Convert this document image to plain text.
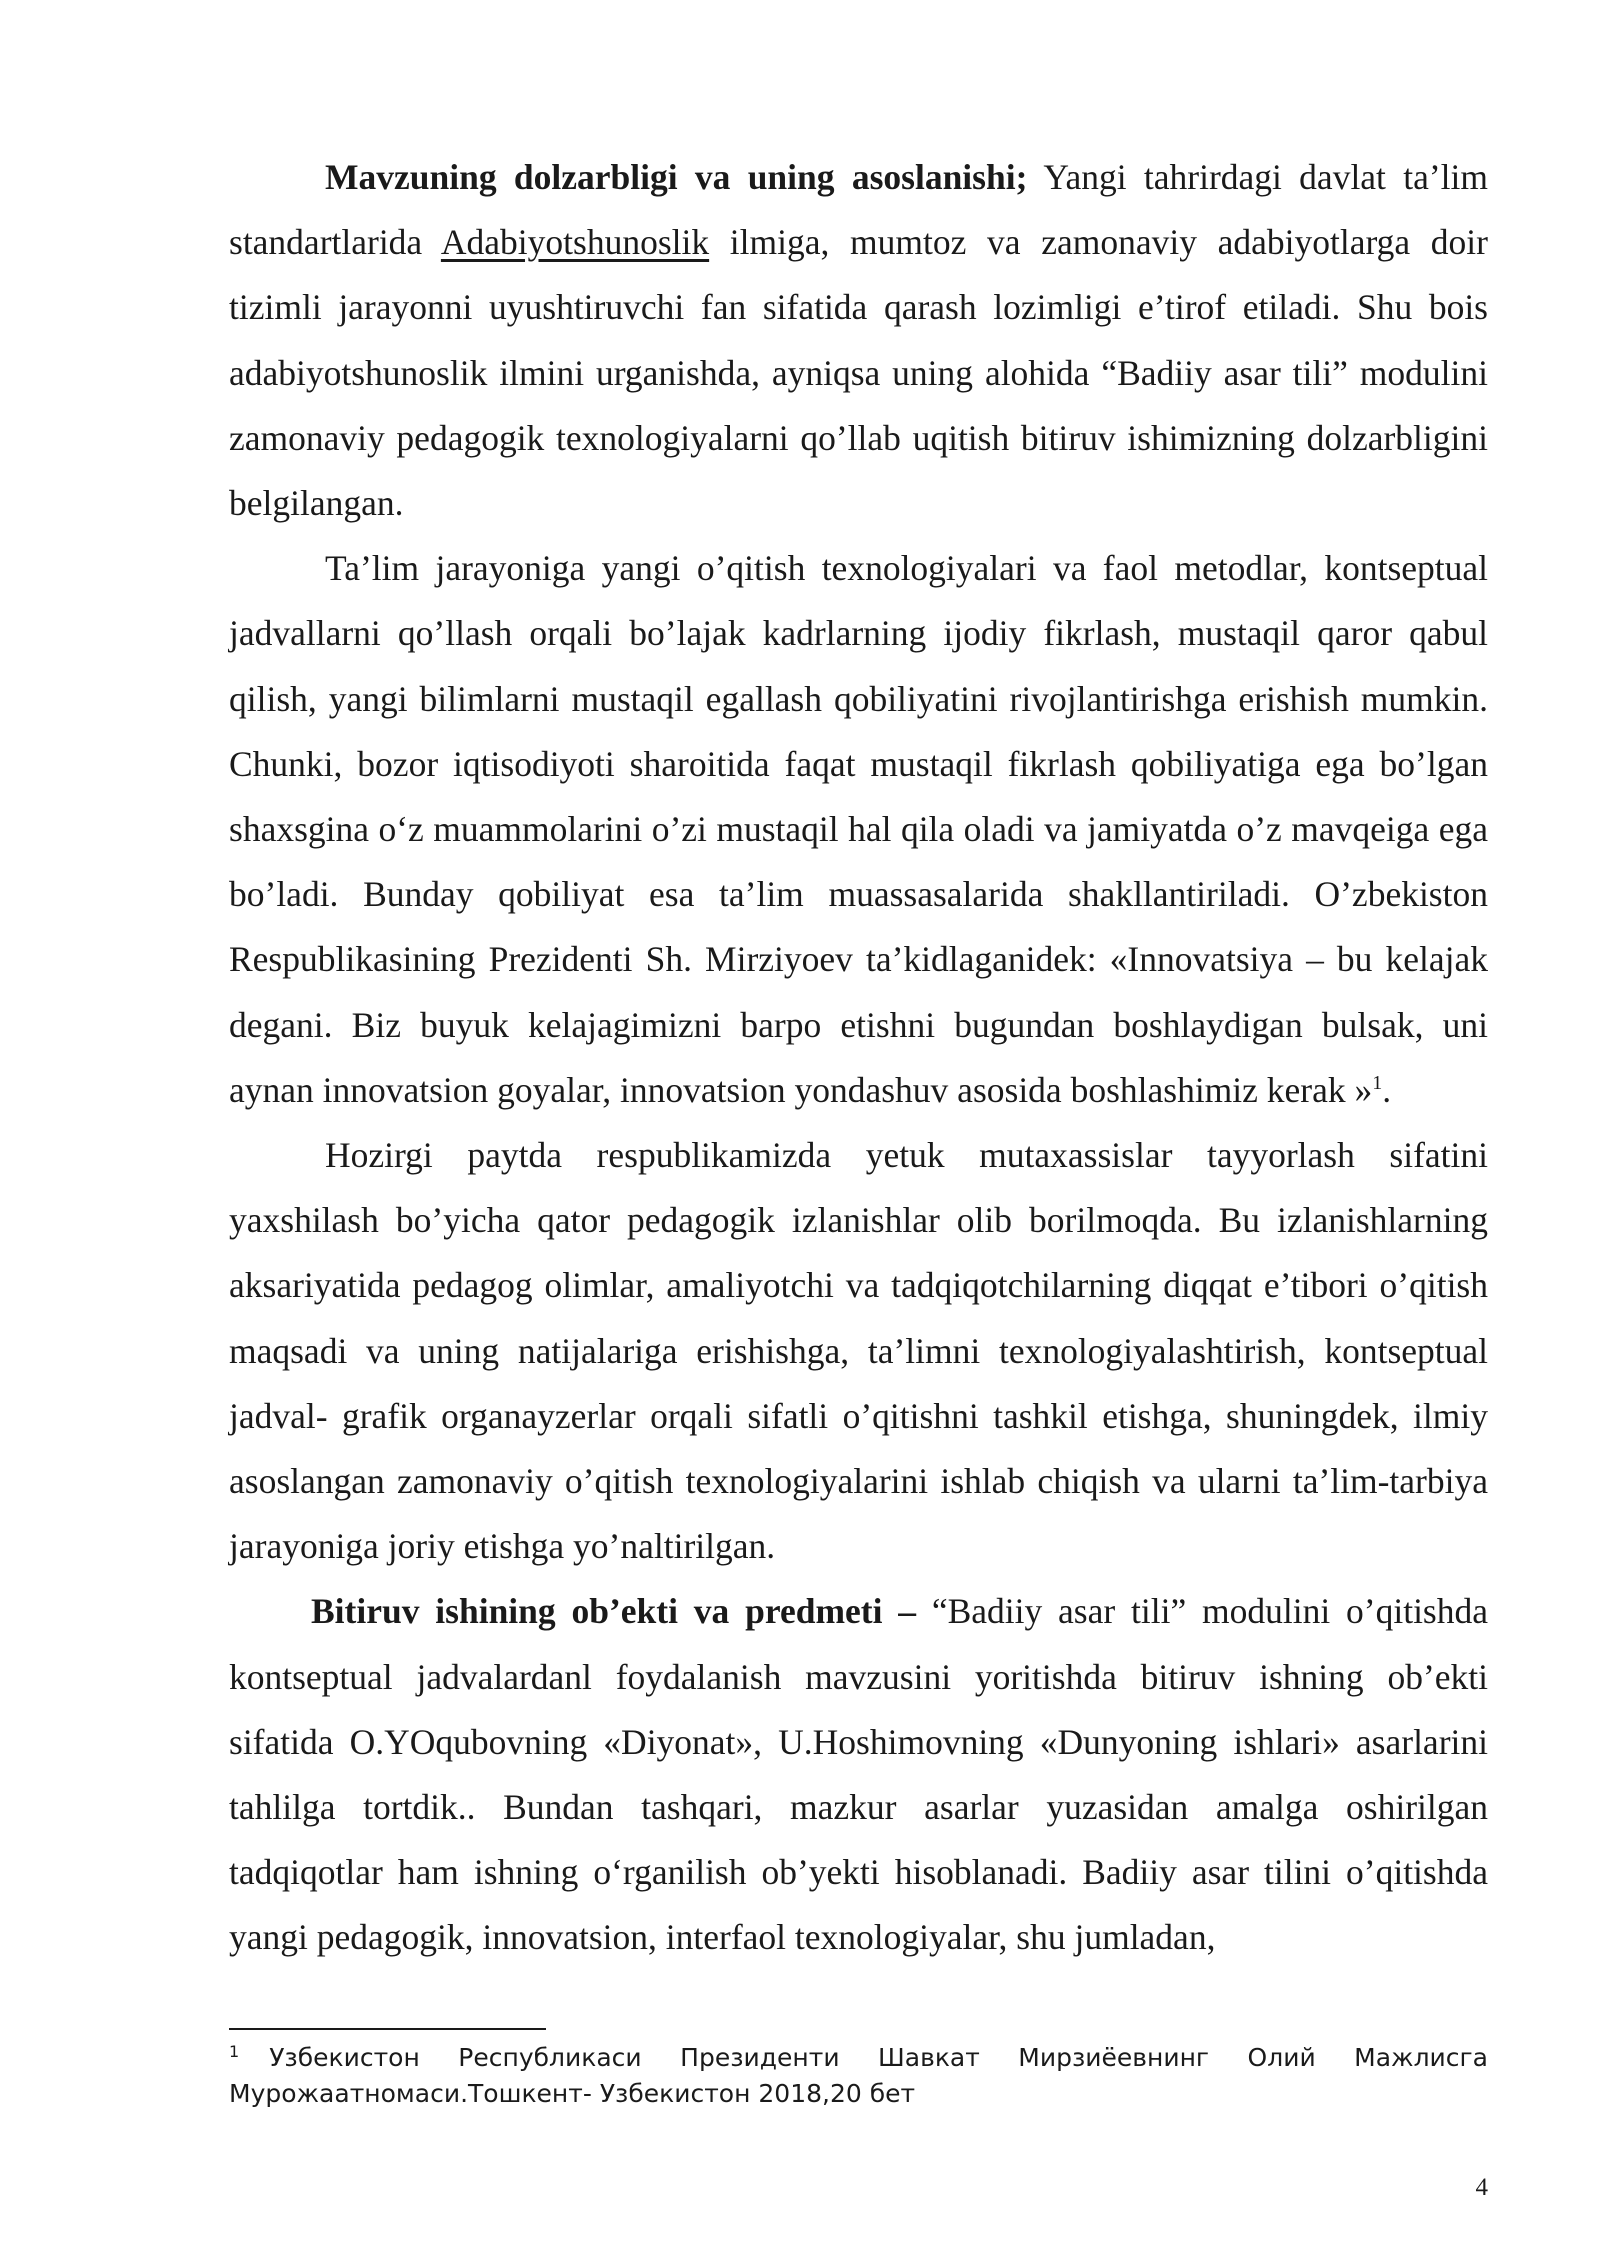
Mavzuning dolzarbligi va uning asoslanishi; Yangi tahrirdagi davlat ta’lim standartlarida Adabiyotshunoslik ilmiga, mumtoz va zamonaviy adabiyotlarga doir tizimli jarayonni uyushtiruvchi fan sifatida qarash lozimligi e’tirof etiladi. Shu bois adabiyotshunoslik ilmini urganishda, ayniqsa uning alohida “Badiiy asar tili” modulini zamonaviy pedagogik texnologiyalarni qo’llab uqitish bitiruv ishimizning dolzarbligini belgilangan.

Ta’lim jarayoniga yangi o’qitish texnologiyalari va faol metodlar, kontseptual jadvallarni qo’llash orqali bo’lajak kadrlarning ijodiy fikrlash, mustaqil qaror qabul qilish, yangi bilimlarni mustaqil egallash qobiliyatini rivojlantirishga erishish mumkin. Chunki, bozor iqtisodiyoti sharoitida faqat mustaqil fikrlash qobiliyatiga ega bo’lgan shaxsgina o‘z muammolarini o’zi mustaqil hal qila oladi va jamiyatda o’z mavqeiga ega bo’ladi. Bunday qobiliyat esa ta’lim muassasalarida shakllantiriladi. O’zbekiston Respublikasining Prezidenti Sh. Mirziyoev ta’kidlaganidek: «Innovatsiya – bu kelajak degani. Biz buyuk kelajagimizni barpo etishni bugundan boshlaydigan bulsak, uni aynan innovatsion goyalar, innovatsion yondashuv asosida boshlashimiz kerak »$^1$.

Hozirgi paytda respublikamizda yetuk mutaxassislar tayyorlash sifatini yaxshilash bo’yicha qator pedagogik izlanishlar olib borilmoqda. Bu izlanishlarning aksariyatida pedagog olimlar, amaliyotchi va tadqiqotchilarning diqqat e’tibori o’qitish maqsadi va uning natijalariga erishishga, ta’limni texnologiyalashtirish, kontseptual jadval- grafik organayzerlar orqali sifatli o’qitishni tashkil etishga, shuningdek, ilmiy asoslangan zamonaviy o’qitish texnologiyalarini ishlab chiqish va ularni ta’lim-tarbiya jarayoniga joriy etishga yo’naltirilgan.

Bitiruv ishining ob’ekti va predmeti – “Badiiy asar tili” modulini o’qitishda kontseptual jadvalardanl foydalanish mavzusini yoritishda bitiruv ishning ob’ekti sifatida O.YOqubovning «Diyonat», U.Hoshimovning «Dunyoning ishlari» asarlarini tahlilga tortdik.. Bundan tashqari, mazkur asarlar yuzasidan amalga oshirilgan tadqiqotlar ham ishning o‘rganilish ob’yekti hisoblanadi. Badiiy asar tilini o’qitishda yangi pedagogik, innovatsion, interfaol texnologiyalar, shu jumladan,

$^1$ Узбекистон Республикаси Президенти Шавкат Мирзиёевнинг Олий Мажлисга Мурожаатномаси.Тошкент- Узбекистон 2018,20 бет
4
